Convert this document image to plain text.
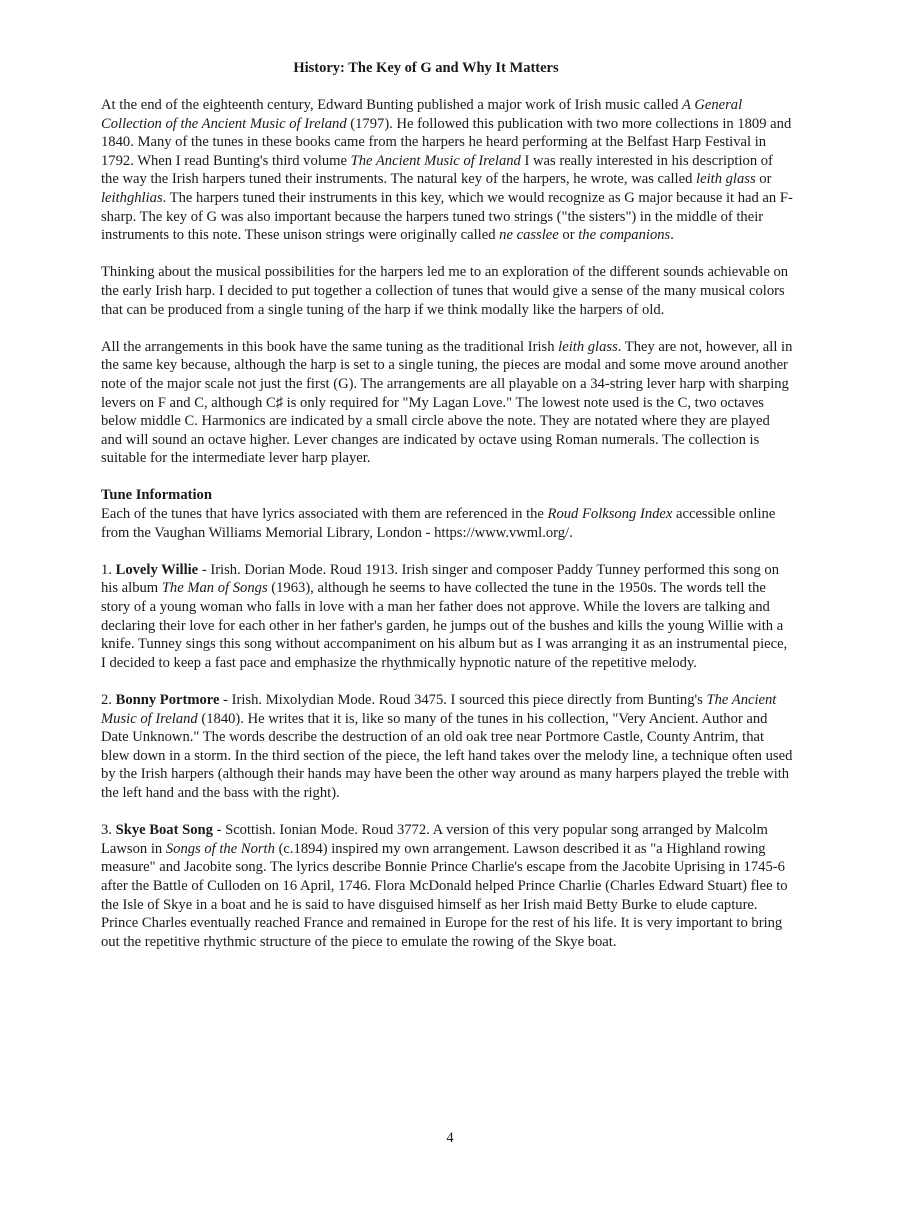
History: The Key of G and Why It Matters

At the end of the eighteenth century, Edward Bunting published a major work of Irish music called A General Collection of the Ancient Music of Ireland (1797). He followed this publication with two more collections in 1809 and 1840. Many of the tunes in these books came from the harpers he heard performing at the Belfast Harp Festival in 1792. When I read Bunting's third volume The Ancient Music of Ireland I was really interested in his description of the way the Irish harpers tuned their instruments. The natural key of the harpers, he wrote, was called leith glass or leithghlias. The harpers tuned their instruments in this key, which we would recognize as G major because it had an F-sharp. The key of G was also important because the harpers tuned two strings ("the sisters") in the middle of their instruments to this note. These unison strings were originally called ne casslee or the companions.

Thinking about the musical possibilities for the harpers led me to an exploration of the different sounds achievable on the early Irish harp. I decided to put together a collection of tunes that would give a sense of the many musical colors that can be produced from a single tuning of the harp if we think modally like the harpers of old.

All the arrangements in this book have the same tuning as the traditional Irish leith glass. They are not, however, all in the same key because, although the harp is set to a single tuning, the pieces are modal and some move around another note of the major scale not just the first (G). The arrangements are all playable on a 34-string lever harp with sharping levers on F and C, although C♯ is only required for "My Lagan Love." The lowest note used is the C, two octaves below middle C. Harmonics are indicated by a small circle above the note. They are notated where they are played and will sound an octave higher. Lever changes are indicated by octave using Roman numerals. The collection is suitable for the intermediate lever harp player.

Tune Information

Each of the tunes that have lyrics associated with them are referenced in the Roud Folksong Index accessible online from the Vaughan Williams Memorial Library, London - https://www.vwml.org/.

1. Lovely Willie - Irish. Dorian Mode. Roud 1913. Irish singer and composer Paddy Tunney performed this song on his album The Man of Songs (1963), although he seems to have collected the tune in the 1950s. The words tell the story of a young woman who falls in love with a man her father does not approve. While the lovers are talking and declaring their love for each other in her father's garden, he jumps out of the bushes and kills the young Willie with a knife. Tunney sings this song without accompaniment on his album but as I was arranging it as an instrumental piece, I decided to keep a fast pace and emphasize the rhythmically hypnotic nature of the repetitive melody.

2. Bonny Portmore - Irish. Mixolydian Mode. Roud 3475. I sourced this piece directly from Bunting's The Ancient Music of Ireland (1840). He writes that it is, like so many of the tunes in his collection, "Very Ancient. Author and Date Unknown." The words describe the destruction of an old oak tree near Portmore Castle, County Antrim, that blew down in a storm. In the third section of the piece, the left hand takes over the melody line, a technique often used by the Irish harpers (although their hands may have been the other way around as many harpers played the treble with the left hand and the bass with the right).

3. Skye Boat Song - Scottish. Ionian Mode. Roud 3772. A version of this very popular song arranged by Malcolm Lawson in Songs of the North (c.1894) inspired my own arrangement. Lawson described it as "a Highland rowing measure" and Jacobite song. The lyrics describe Bonnie Prince Charlie's escape from the Jacobite Uprising in 1745-6 after the Battle of Culloden on 16 April, 1746. Flora McDonald helped Prince Charlie (Charles Edward Stuart) flee to the Isle of Skye in a boat and he is said to have disguised himself as her Irish maid Betty Burke to elude capture. Prince Charles eventually reached France and remained in Europe for the rest of his life. It is very important to bring out the repetitive rhythmic structure of the piece to emulate the rowing of the Skye boat.

4
